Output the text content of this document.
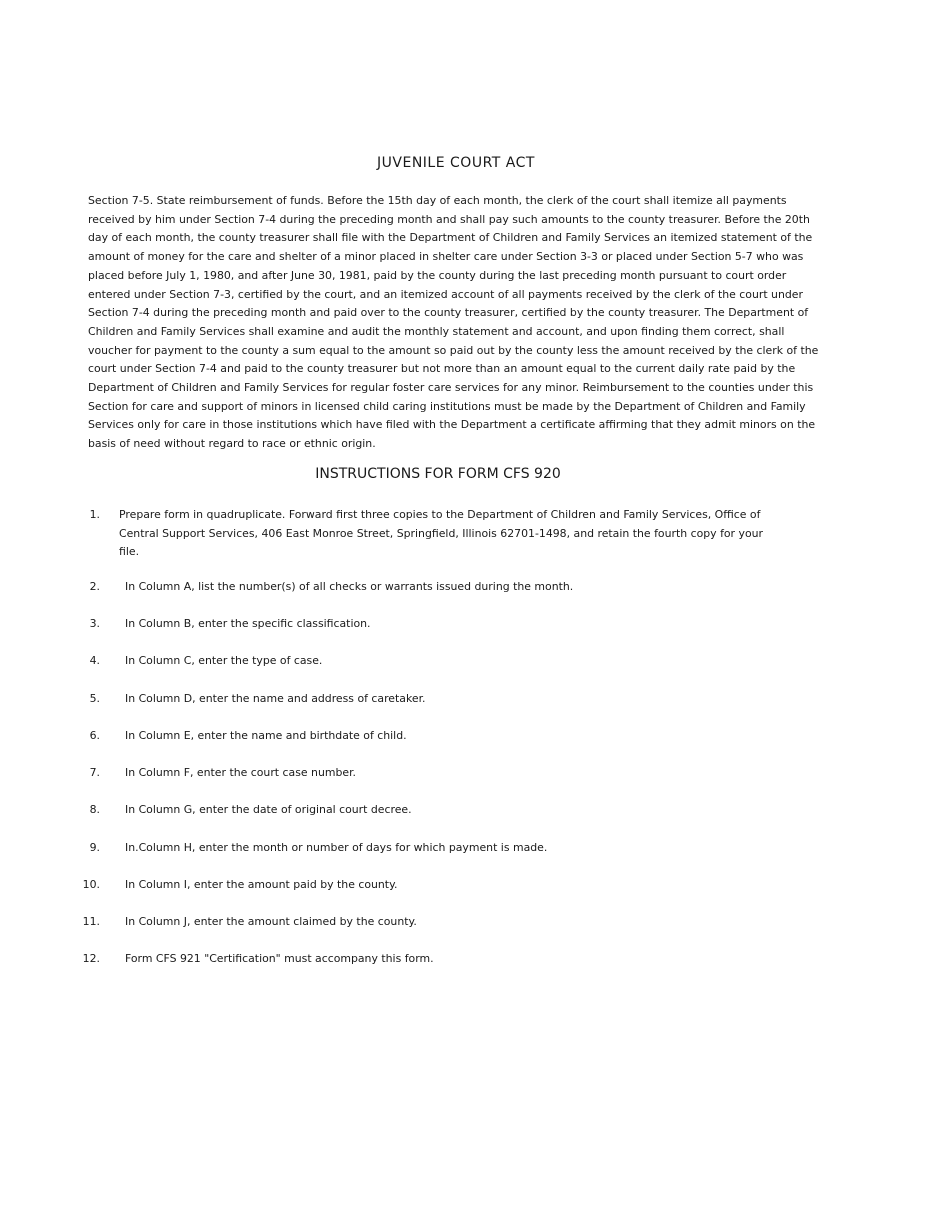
JUVENILE COURT ACT

Section 7-5. State reimbursement of funds. Before the 15th day of each month, the clerk of the court shall itemize all payments received by him under Section 7-4 during the preceding month and shall pay such amounts to the county treasurer. Before the 20th day of each month, the county treasurer shall file with the Department of Children and Family Services an itemized statement of the amount of money for the care and shelter of a minor placed in shelter care under Section 3-3 or placed under Section 5-7 who was placed before July 1, 1980, and after June 30, 1981, paid by the county during the last preceding month pursuant to court order entered under Section 7-3, certified by the court, and an itemized account of all payments received by the clerk of the court under Section 7-4 during the preceding month and paid over to the county treasurer, certified by the county treasurer. The Department of Children and Family Services shall examine and audit the monthly statement and account, and upon finding them correct, shall voucher for payment to the county a sum equal to the amount so paid out by the county less the amount received by the clerk of the court under Section 7-4 and paid to the county treasurer but not more than an amount equal to the current daily rate paid by the Department of Children and Family Services for regular foster care services for any minor. Reimbursement to the counties under this Section for care and support of minors in licensed child caring institutions must be made by the Department of Children and Family Services only for care in those institutions which have filed with the Department a certificate affirming that they admit minors on the basis of need without regard to race or ethnic origin.

INSTRUCTIONS FOR FORM CFS 920
1. Prepare form in quadruplicate. Forward first three copies to the Department of Children and Family Services, Office of Central Support Services, 406 East Monroe Street, Springfield, Illinois 62701-1498, and retain the fourth copy for your file.
2. In Column A, list the number(s) of all checks or warrants issued during the month.
3. In Column B, enter the specific classification.
4. In Column C, enter the type of case.
5. In Column D, enter the name and address of caretaker.
6. In Column E, enter the name and birthdate of child.
7. In Column F, enter the court case number.
8. In Column G, enter the date of original court decree.
9. In.Column H, enter the month or number of days for which payment is made.
10. In Column I, enter the amount paid by the county.
11. In Column J, enter the amount claimed by the county.
12. Form CFS 921 "Certification" must accompany this form.
